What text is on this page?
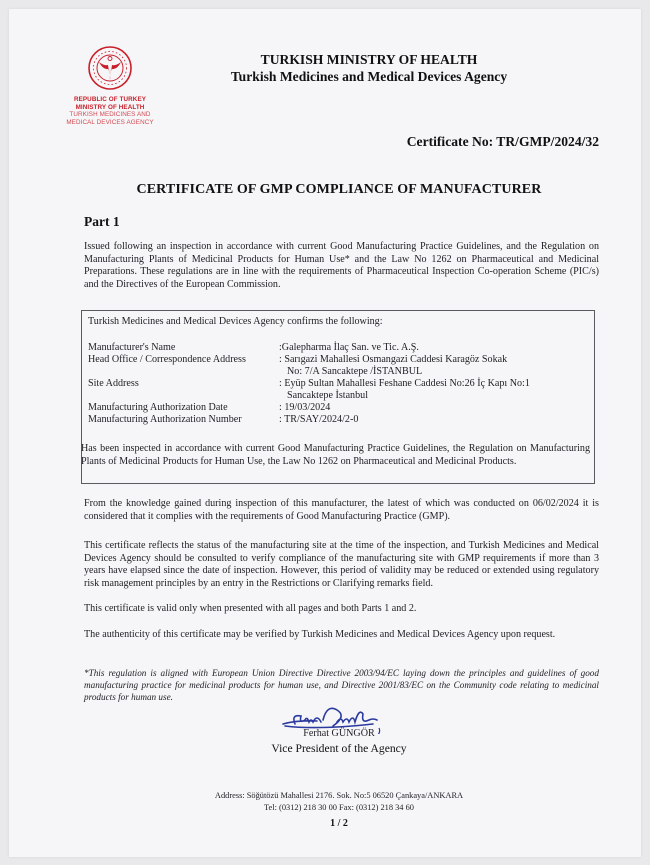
REPUBLIC OF TURKEY
MINISTRY OF HEALTH
TURKISH MEDICINES AND
MEDICAL DEVICES AGENCY
TURKISH MINISTRY OF HEALTH
Turkish Medicines and Medical Devices Agency
Certificate No: TR/GMP/2024/32
CERTIFICATE OF GMP COMPLIANCE OF MANUFACTURER
Part 1
Issued following an inspection in accordance with current Good Manufacturing Practice Guidelines, and the Regulation on Manufacturing Plants of Medicinal Products for Human Use* and the Law No 1262 on Pharmaceutical and Medicinal Preparations. These regulations are in line with the requirements of Pharmaceutical Inspection Co-operation Scheme (PIC/s) and the Directives of the European Commission.
Turkish Medicines and Medical Devices Agency confirms the following:
Manufacturer's Name	:Galepharma İlaç San. ve Tic. A.Ş.
Head Office / Correspondence Address	: Sarıgazi Mahallesi Osmangazi Caddesi Karagöz Sokak
No: 7/A Sancaktepe /İSTANBUL
Site Address	: Eyüp Sultan Mahallesi Feshane Caddesi No:26 İç Kapı No:1
Sancaktepe İstanbul
Manufacturing Authorization Date	: 19/03/2024
Manufacturing Authorization Number	: TR/SAY/2024/2-0
Has been inspected in accordance with current Good Manufacturing Practice Guidelines, the Regulation on Manufacturing Plants of Medicinal Products for Human Use, the Law No 1262 on Pharmaceutical and Medicinal Products.
From the knowledge gained during inspection of this manufacturer, the latest of which was conducted on 06/02/2024 it is considered that it complies with the requirements of Good Manufacturing Practice (GMP).
This certificate reflects the status of the manufacturing site at the time of the inspection, and Turkish Medicines and Medical Devices Agency should be consulted to verify compliance of the manufacturing site with GMP requirements if more than 3 years have elapsed since the date of inspection. However, this period of validity may be reduced or extended using regulatory risk management principles by an entry in the Restrictions or Clarifying remarks field.
This certificate is valid only when presented with all pages and both Parts 1 and 2.
The authenticity of this certificate may be verified by Turkish Medicines and Medical Devices Agency upon request.
*This regulation is aligned with European Union Directive Directive 2003/94/EC laying down the principles and guidelines of good manufacturing practice for medicinal products for human use, and Directive 2001/83/EC on the Community code relating to medicinal products for human use.
Ferhat GÜNGÖR
Vice President of the Agency
Address: Söğütözü Mahallesi 2176. Sok. No:5 06520 Çankaya/ANKARA
Tel: (0312) 218 30 00 Fax: (0312) 218 34 60
1 / 2
